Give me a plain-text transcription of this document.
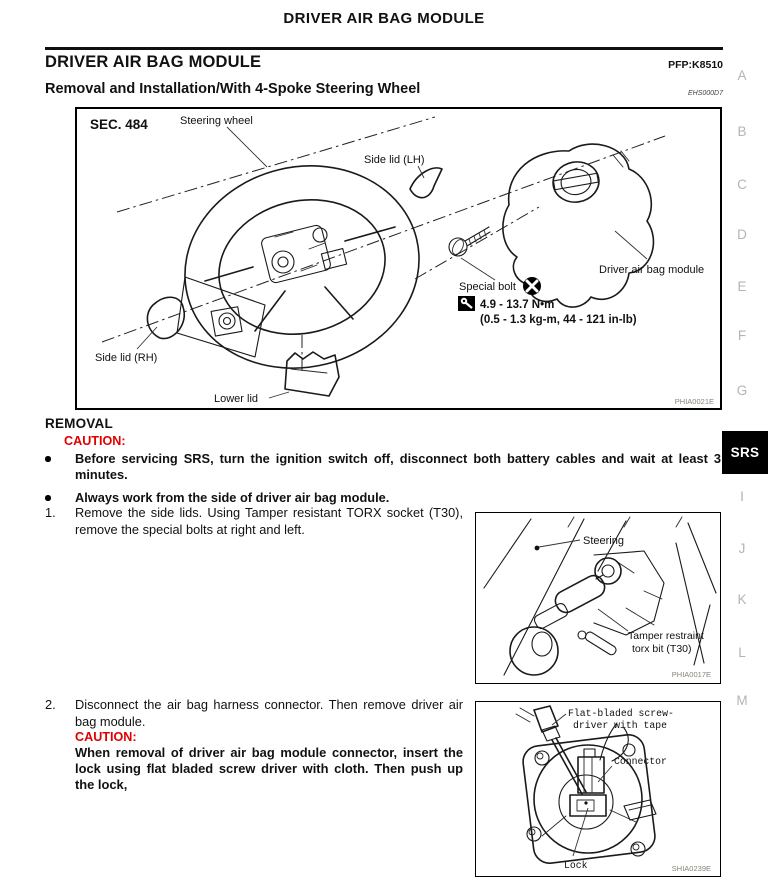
DRIVER AIR BAG MODULE
DRIVER AIR BAG MODULE	PFP:K8510
Removal and Installation/With 4-Spoke Steering Wheel	EHS000D7
SEC. 484	Steering wheel
Side lid (LH)
Driver air bag module
Special bolt
4.9 - 13.7 N•m
(0.5 - 1.3 kg-m, 44 - 121 in-lb)
Side lid (RH)
Lower lid	PHIA0021E
A
B
C
D
E
F
G
SRS
I
J
K
L
M
REMOVAL
CAUTION:
Before servicing SRS, turn the ignition switch off, disconnect both battery cables and wait at least 3 minutes.
Always work from the side of driver air bag module.
1.	Remove the side lids. Using Tamper resistant TORX socket (T30), remove the special bolts at right and left.
2.	Disconnect the air bag harness connector. Then remove driver air bag module.
CAUTION:
When removal of driver air bag module connector, insert the lock using flat bladed screw driver with cloth. Then push up the lock,
Steering
Tamper restraint
torx bit (T30)
PHIA0017E
Flat-bladed screw-
driver with tape
Connector
Lock	SHIA0239E
